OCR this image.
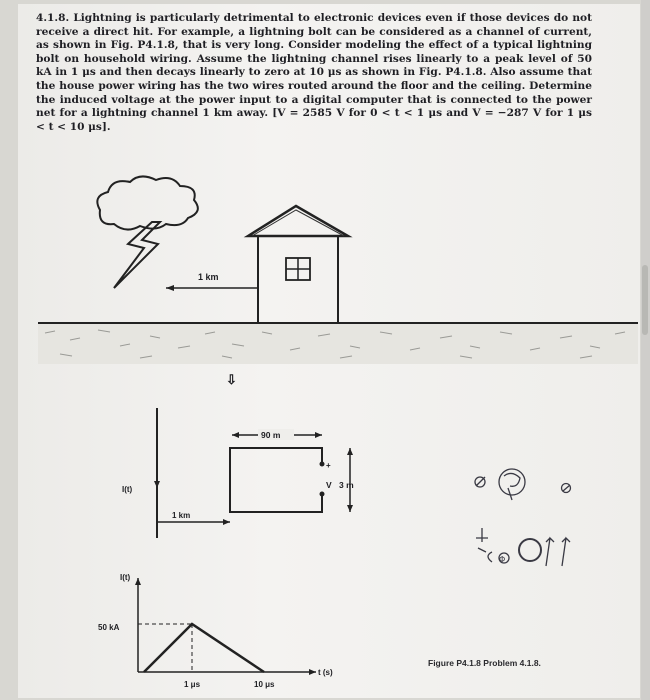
4.1.8. Lightning is particularly detrimental to electronic devices even if those devices do not receive a direct hit. For example, a lightning bolt can be considered as a channel of current, as shown in Fig. P4.1.8, that is very long. Consider modeling the effect of a typical lightning bolt on household wiring. Assume the lightning channel rises linearly to a peak level of 50 kA in 1 μs and then decays linearly to zero at 10 μs as shown in Fig. P4.1.8. Also assume that the house power wiring has the two wires routed around the floor and the ceiling. Determine the induced voltage at the power input to a digital computer that is connected to the power net for a lightning channel 1 km away. [V = 2585 V for 0 < t < 1 μs and V = −287 V for 1 μs < t < 10 μs].

1 km
⇩
I(t)
1 km
90 m
+
V 3 m
I(t)
t (s)
50 kA
1 μs	10 μs
Φ
Figure P4.1.8 Problem 4.1.8.
